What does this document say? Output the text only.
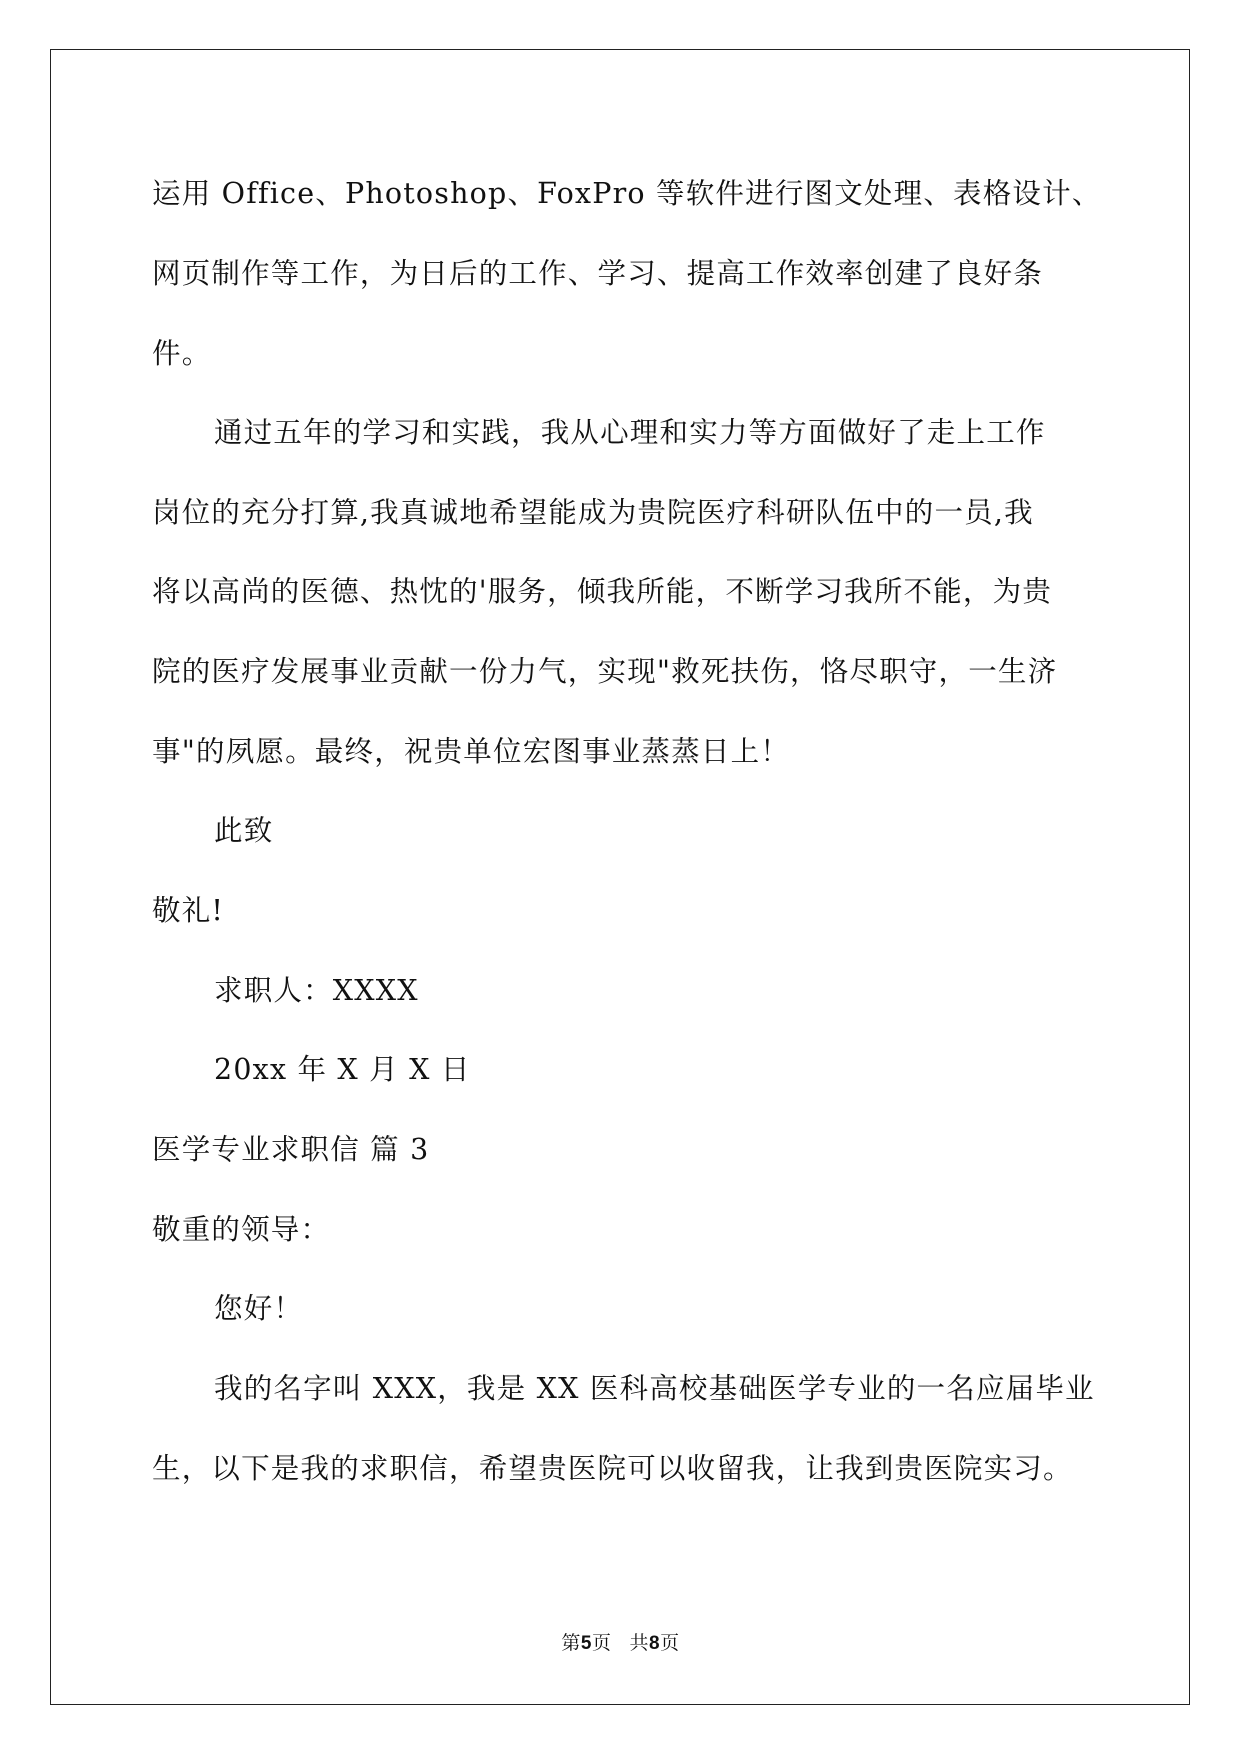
运用 Office、Photoshop、FoxPro 等软件进行图文处理、表格设计、
网页制作等工作，为日后的工作、学习、提高工作效率创建了良好条
件。
通过五年的学习和实践，我从心理和实力等方面做好了走上工作
岗位的充分打算,我真诚地希望能成为贵院医疗科研队伍中的一员,我
将以高尚的医德、热忱的'服务，倾我所能，不断学习我所不能，为贵
院的医疗发展事业贡献一份力气，实现"救死扶伤，恪尽职守，一生济
事"的夙愿。最终，祝贵单位宏图事业蒸蒸日上！
此致
敬礼!
求职人：XXXX
20xx 年 X 月 X 日
医学专业求职信 篇 3
敬重的领导：
您好！
我的名字叫 XXX，我是 XX 医科高校基础医学专业的一名应届毕业
生，以下是我的求职信，希望贵医院可以收留我，让我到贵医院实习。
第5页 共8页
